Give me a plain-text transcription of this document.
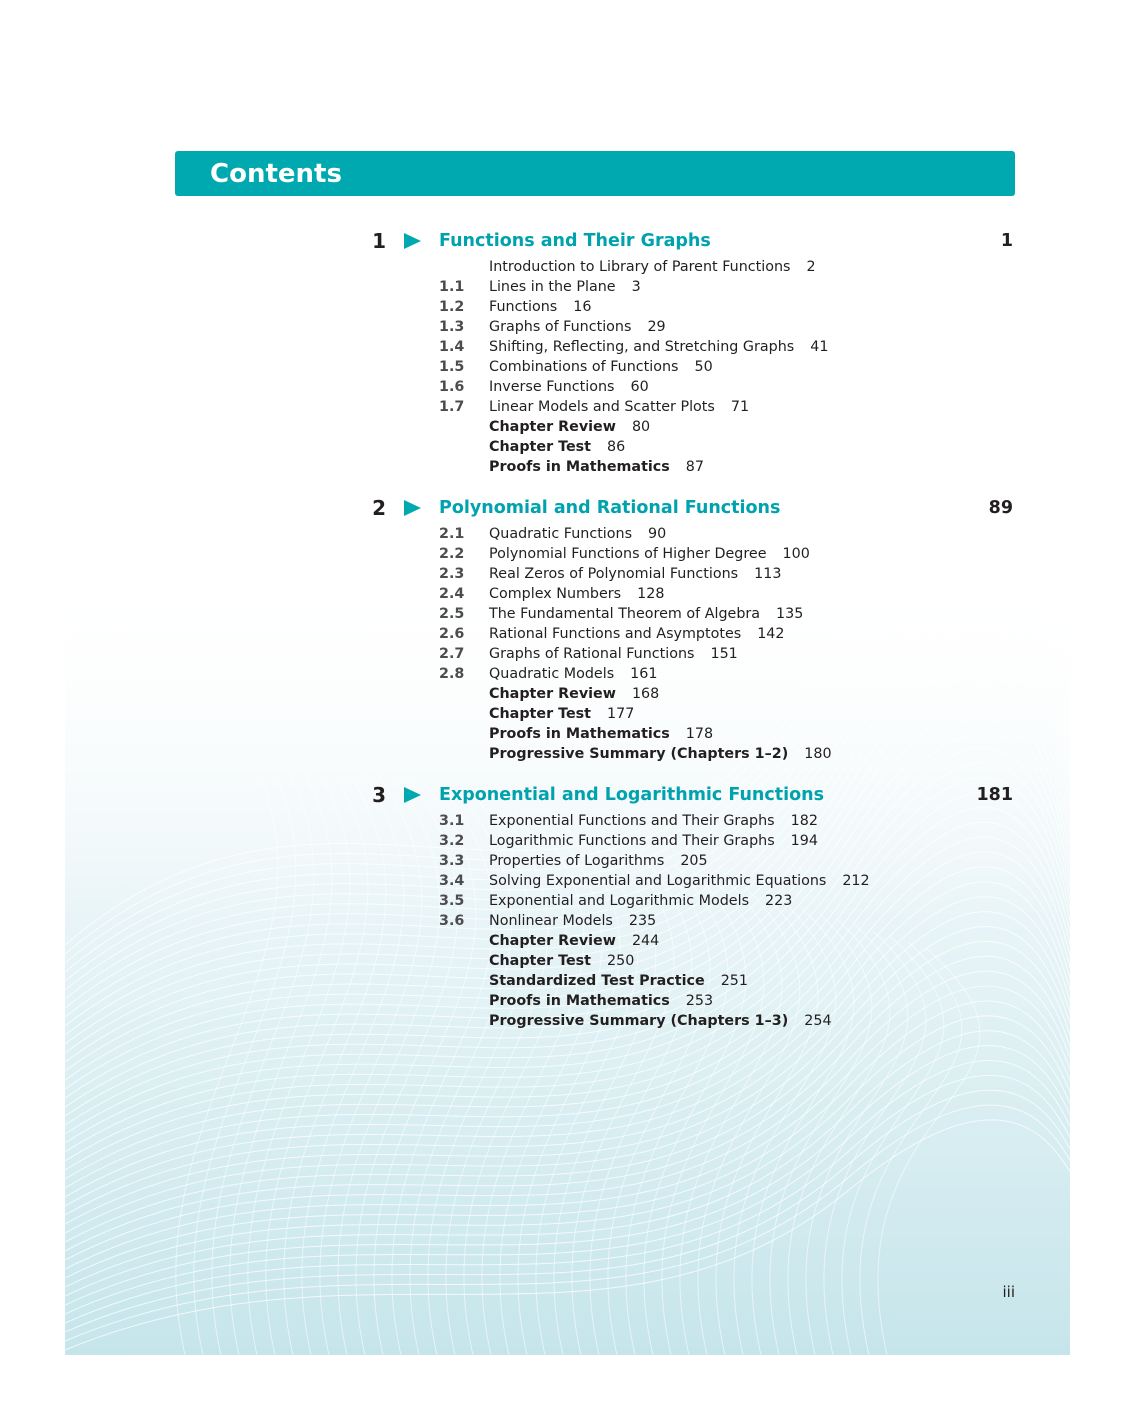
Contents
1	Functions and Their Graphs	1
Introduction to Library of Parent Functions 2
1.1 Lines in the Plane 3
1.2 Functions 16
1.3 Graphs of Functions 29
1.4 Shifting, Reflecting, and Stretching Graphs 41
1.5 Combinations of Functions 50
1.6 Inverse Functions 60
1.7 Linear Models and Scatter Plots 71
Chapter Review 80
Chapter Test 86
Proofs in Mathematics 87
2	Polynomial and Rational Functions	89
2.1 Quadratic Functions 90
2.2 Polynomial Functions of Higher Degree 100
2.3 Real Zeros of Polynomial Functions 113
2.4 Complex Numbers 128
2.5 The Fundamental Theorem of Algebra 135
2.6 Rational Functions and Asymptotes 142
2.7 Graphs of Rational Functions 151
2.8 Quadratic Models 161
Chapter Review 168
Chapter Test 177
Proofs in Mathematics 178
Progressive Summary (Chapters 1–2) 180
3	Exponential and Logarithmic Functions	181
3.1 Exponential Functions and Their Graphs 182
3.2 Logarithmic Functions and Their Graphs 194
3.3 Properties of Logarithms 205
3.4 Solving Exponential and Logarithmic Equations 212
3.5 Exponential and Logarithmic Models 223
3.6 Nonlinear Models 235
Chapter Review 244
Chapter Test 250
Standardized Test Practice 251
Proofs in Mathematics 253
Progressive Summary (Chapters 1–3) 254
iii
